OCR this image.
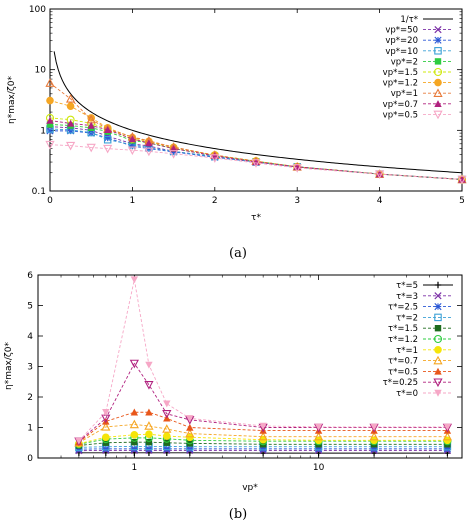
η*max/ζ0*
τ*
0	1	2	3	4	5
0.1
1
10
100
1/τ*
vp*=50
vp*=20
vp*=10
vp*=2
vp*=1.5
vp*=1.2
vp*=1
vp*=0.7
vp*=0.5
(a)
η*max/ζ0*
vp*
1	10
0
1
2
3
4
5
6
τ*=5
τ*=3
τ*=2.5
τ*=2
τ*=1.5
τ*=1.2
τ*=1
τ*=0.7
τ*=0.5
τ*=0.25
τ*=0
(b)
